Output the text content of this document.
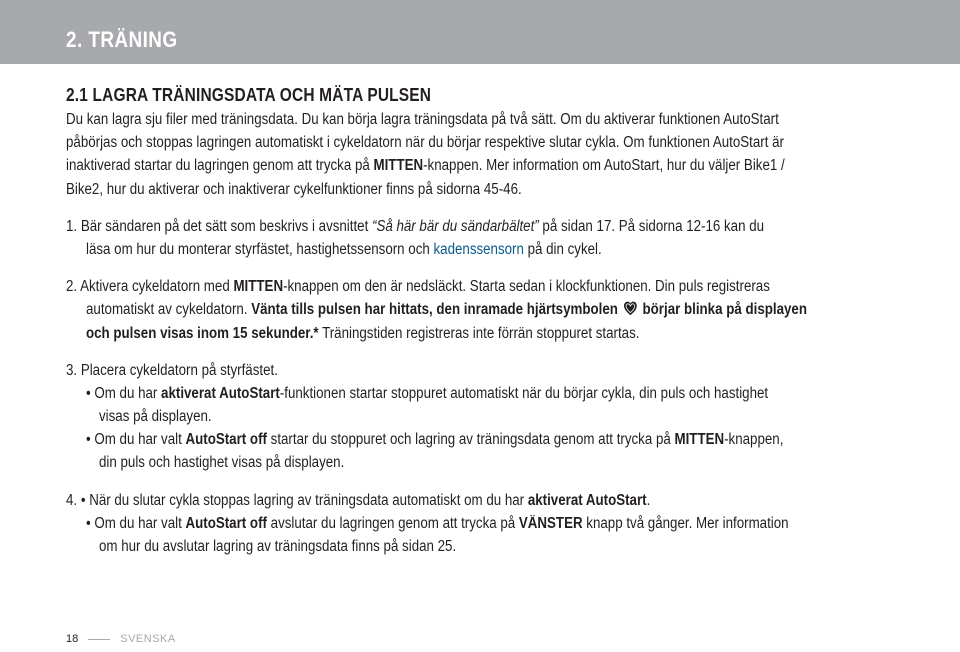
2. TRÄNING
2.1 LAGRA TRÄNINGSDATA OCH MÄTA PULSEN
Du kan lagra sju filer med träningsdata. Du kan börja lagra träningsdata på två sätt. Om du aktiverar funktionen AutoStart
påbörjas och stoppas lagringen automatiskt i cykeldatorn när du börjar respektive slutar cykla. Om funktionen AutoStart är
inaktiverad startar du lagringen genom att trycka på MITTEN-knappen. Mer information om AutoStart, hur du väljer Bike1 /
Bike2, hur du aktiverar och inaktiverar cykelfunktioner finns på sidorna 45-46.
1. Bär sändaren på det sätt som beskrivs i avsnittet “Så här bär du sändarbältet” på sidan 17. På sidorna 12-16 kan du
läsa om hur du monterar styrfästet, hastighetssensorn och kadenssensorn på din cykel.
2. Aktivera cykeldatorn med MITTEN-knappen om den är nedsläckt. Starta sedan i klockfunktionen. Din puls registreras
automatiskt av cykeldatorn. Vänta tills pulsen har hittats, den inramade hjärtsymbolen börjar blinka på displayen
och pulsen visas inom 15 sekunder.* Träningstiden registreras inte förrän stoppuret startas.
3. Placera cykeldatorn på styrfästet.
• Om du har aktiverat AutoStart-funktionen startar stoppuret automatiskt när du börjar cykla, din puls och hastighet
visas på displayen.
• Om du har valt AutoStart off startar du stoppuret och lagring av träningsdata genom att trycka på MITTEN-knappen,
din puls och hastighet visas på displayen.
4. • När du slutar cykla stoppas lagring av träningsdata automatiskt om du har aktiverat AutoStart.
• Om du har valt AutoStart off avslutar du lagringen genom att trycka på VÄNSTER knapp två gånger. Mer information
om hur du avslutar lagring av träningsdata finns på sidan 25.
18	SVENSKA
